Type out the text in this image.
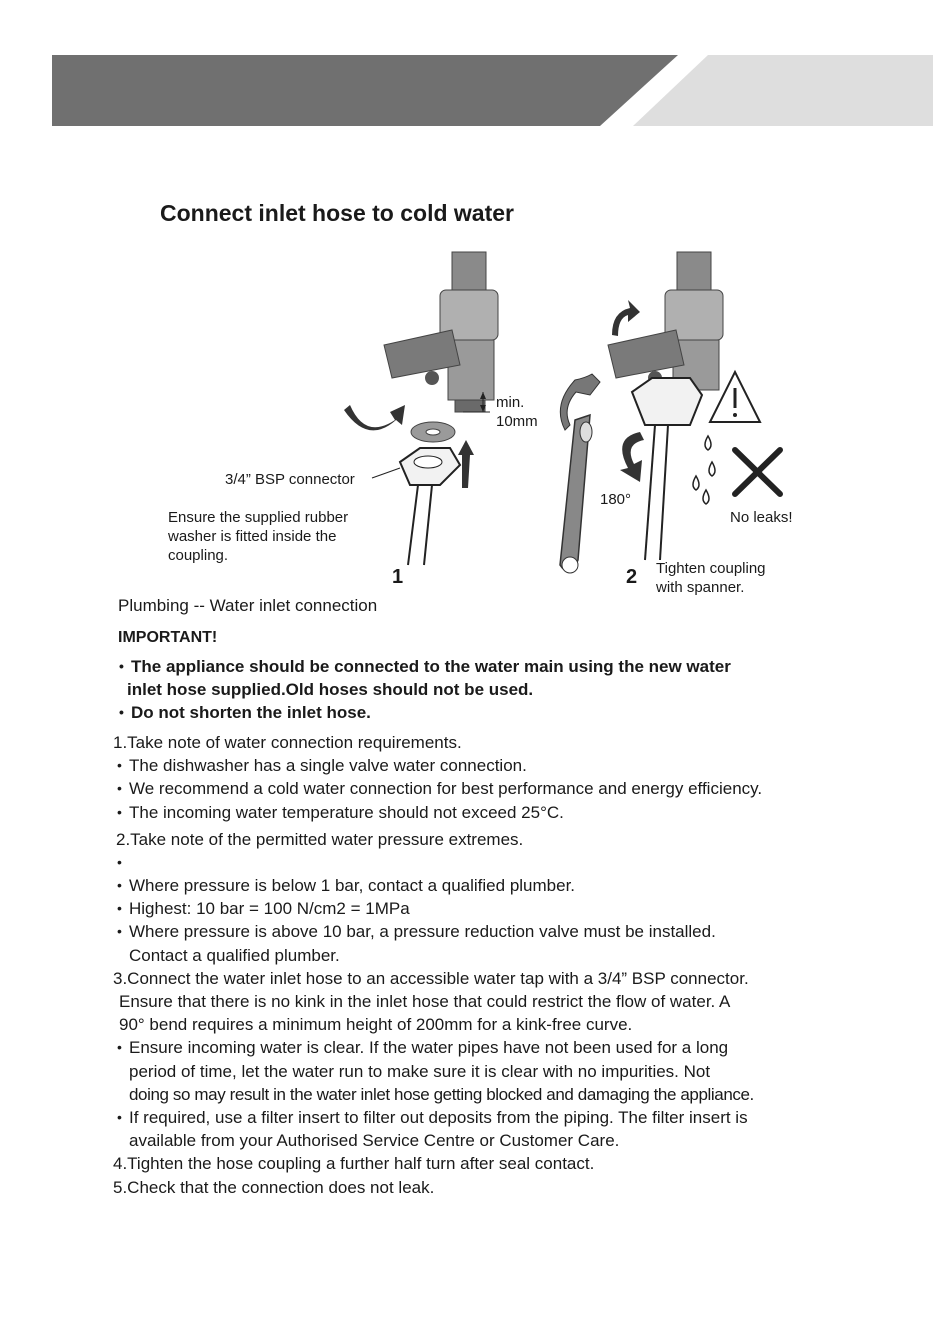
Connect inlet hose to cold water
min.
10mm
3/4” BSP connector
Ensure the supplied rubber
washer is fitted inside the
coupling.
1
180°
2 Tighten coupling
with spanner.
No leaks!
Plumbing -- Water inlet connection
IMPORTANT!
• The appliance should be connected to the water main using the new water
inlet hose supplied.Old hoses should not be used.
• Do not shorten the inlet hose.
1.Take note of water connection requirements.
• The dishwasher has a single valve water connection.
• We recommend a cold water connection for best performance and energy efficiency.
• The incoming water temperature should not exceed 25°C.
2.Take note of the permitted water pressure extremes.
•
• Where pressure is below 1 bar, contact a qualified plumber.
• Highest: 10 bar = 100 N/cm2 = 1MPa
• Where pressure is above 10 bar, a pressure reduction valve must be installed.
Contact a qualified plumber.
3.Connect the water inlet hose to an accessible water tap with a 3/4” BSP connector.
Ensure that there is no kink in the inlet hose that could restrict the flow of water. A
90° bend requires a minimum height of 200mm for a kink-free curve.
• Ensure incoming water is clear. If the water pipes have not been used for a long
period of time, let the water run to make sure it is clear with no impurities. Not
doing so may result in the water inlet hose getting blocked and damaging the appliance.
• If required, use a filter insert to filter out deposits from the piping. The filter insert is
available from your Authorised Service Centre or Customer Care.
4.Tighten the hose coupling a further half turn after seal contact.
5.Check that the connection does not leak.
